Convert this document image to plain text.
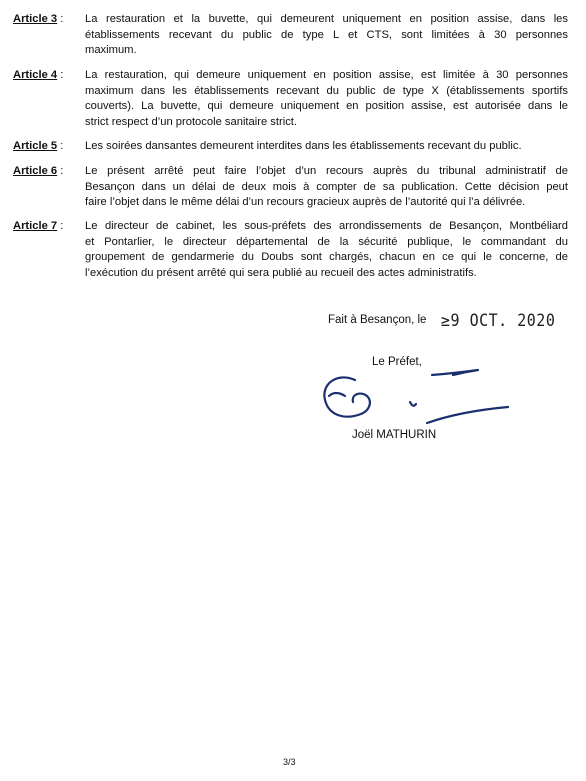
Article 3 :	La restauration et la buvette, qui demeurent uniquement en position assise, dans les
établissements recevant du public de type L et CTS, sont limitées à 30 personnes
maximum.
Article 4 :	La restauration, qui demeure uniquement en position assise, est limitée à 30 personnes
maximum dans les établissements recevant du public de type X (établissements sportifs
couverts). La buvette, qui demeure uniquement en position assise, est autorisée dans le
strict respect d’un protocole sanitaire strict.
Article 5 :	Les soirées dansantes demeurent interdites dans les établissements recevant du public.
Article 6 :	Le présent arrêté peut faire l’objet d’un recours auprès du tribunal administratif de
Besançon dans un délai de deux mois à compter de sa publication. Cette décision peut
faire l’objet dans le même délai d’un recours gracieux auprès de l’autorité qui l’a délivrée.
Article 7 :	Le directeur de cabinet, les sous-préfets des arrondissements de Besançon, Montbéliard
et Pontarlier, le directeur départemental de la sécurité publique, le commandant du
groupement de gendarmerie du Doubs sont chargés, chacun en ce qui le concerne, de
l’exécution du présent arrêté qui sera publié au recueil des actes administratifs.
Fait à Besançon, le ≥9 OCT. 2020
Le Préfet,
Joël MATHURIN
3/3
